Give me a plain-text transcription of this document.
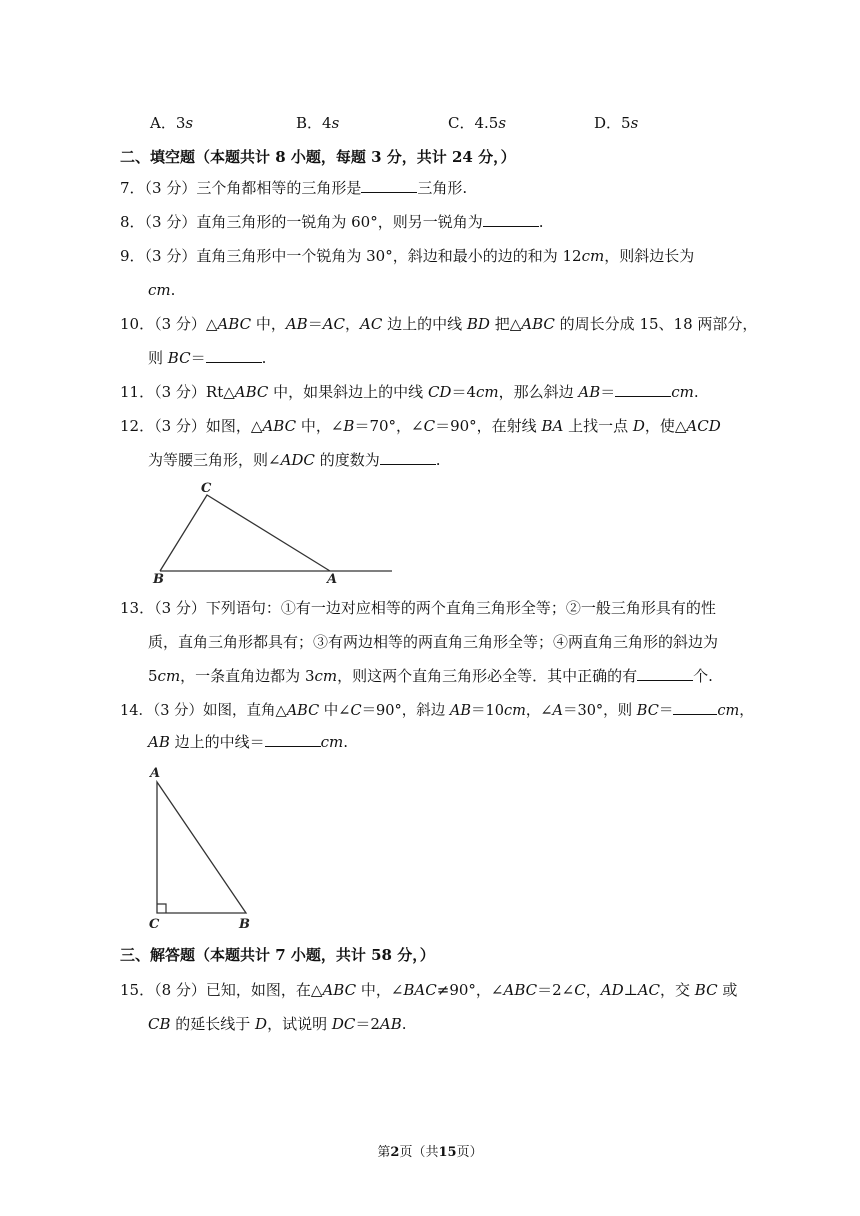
A．3s	B．4s	C．4.5s	D．5s
二、填空题（本题共计 8 小题，每题 3 分，共计 24 分，）
7．（3 分）三个角都相等的三角形是	三角形.
8．（3 分）直角三角形的一锐角为 60°，则另一锐角为	.
9．（3 分）直角三角形中一个锐角为 30°，斜边和最小的边的和为 12cm，则斜边长为
cm.
10．（3 分）△ABC 中，AB＝AC，AC 边上的中线 BD 把△ABC 的周长分成 15、18 两部分，
则 BC＝	.
11．（3 分）Rt△ABC 中，如果斜边上的中线 CD＝4cm，那么斜边 AB＝	cm.
12．（3 分）如图，△ABC 中，∠B＝70°，∠C＝90°，在射线 BA 上找一点 D，使△ACD
为等腰三角形，则∠ADC 的度数为	.
C
B	A
13．（3 分）下列语句：①有一边对应相等的两个直角三角形全等；②一般三角形具有的性
质，直角三角形都具有；③有两边相等的两直角三角形全等；④两直角三角形的斜边为
5cm，一条直角边都为 3cm，则这两个直角三角形必全等．其中正确的有	个.
14．（3 分）如图，直角△ABC 中∠C＝90°，斜边 AB＝10cm，∠A＝30°，则 BC＝	cm，
AB 边上的中线＝	cm.
A
C	B
三、解答题（本题共计 7 小题，共计 58 分，）
15．（8 分）已知，如图，在△ABC 中，∠BAC≠90°，∠ABC＝2∠C，AD⊥AC，交 BC 或
CB 的延长线于 D，试说明 DC＝2AB.
第2页（共15页）
